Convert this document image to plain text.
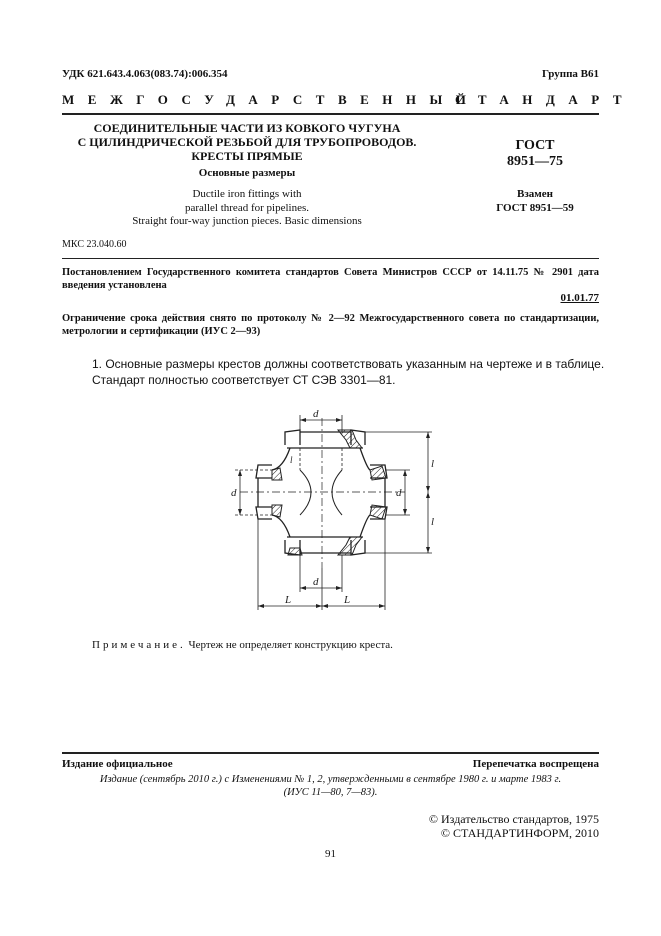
УДК 621.643.4.063(083.74):006.354	Группа В61
МЕЖГОСУДАРСТВЕННЫЙ
СТАНДАРТ
СОЕДИНИТЕЛЬНЫЕ ЧАСТИ ИЗ КОВКОГО ЧУГУНА
С ЦИЛИНДРИЧЕСКОЙ РЕЗЬБОЙ ДЛЯ ТРУБОПРОВОДОВ.
КРЕСТЫ ПРЯМЫЕ
Основные размеры
Ductile iron fittings with
parallel thread for pipelines.
Straight four-way junction pieces. Basic dimensions
ГОСТ
8951—75
Взамен
ГОСТ 8951—59
МКС 23.040.60
Постановлением Государственного комитета стандартов Совета Министров СССР от 14.11.75 № 2901 дата введения установлена
01.01.77
Ограничение срока действия снято по протоколу № 2—92 Межгосударственного совета по стандартизации, метрологии и сертификации (ИУС 2—93)
1. Основные размеры крестов должны соответствовать указанным на чертеже и в таблице.
Стандарт полностью соответствует СТ СЭВ 3301—81.
d
d
d	d
l
l
L	L
l
Примечание. Чертеж не определяет конструкцию креста.
Издание официальное	Перепечатка воспрещена
Издание (сентябрь 2010 г.) с Изменениями № 1, 2, утвержденными в сентябре 1980 г. и марте 1983 г.
(ИУС 11—80, 7—83).
© Издательство стандартов, 1975
© СТАНДАРТИНФОРМ, 2010
91
